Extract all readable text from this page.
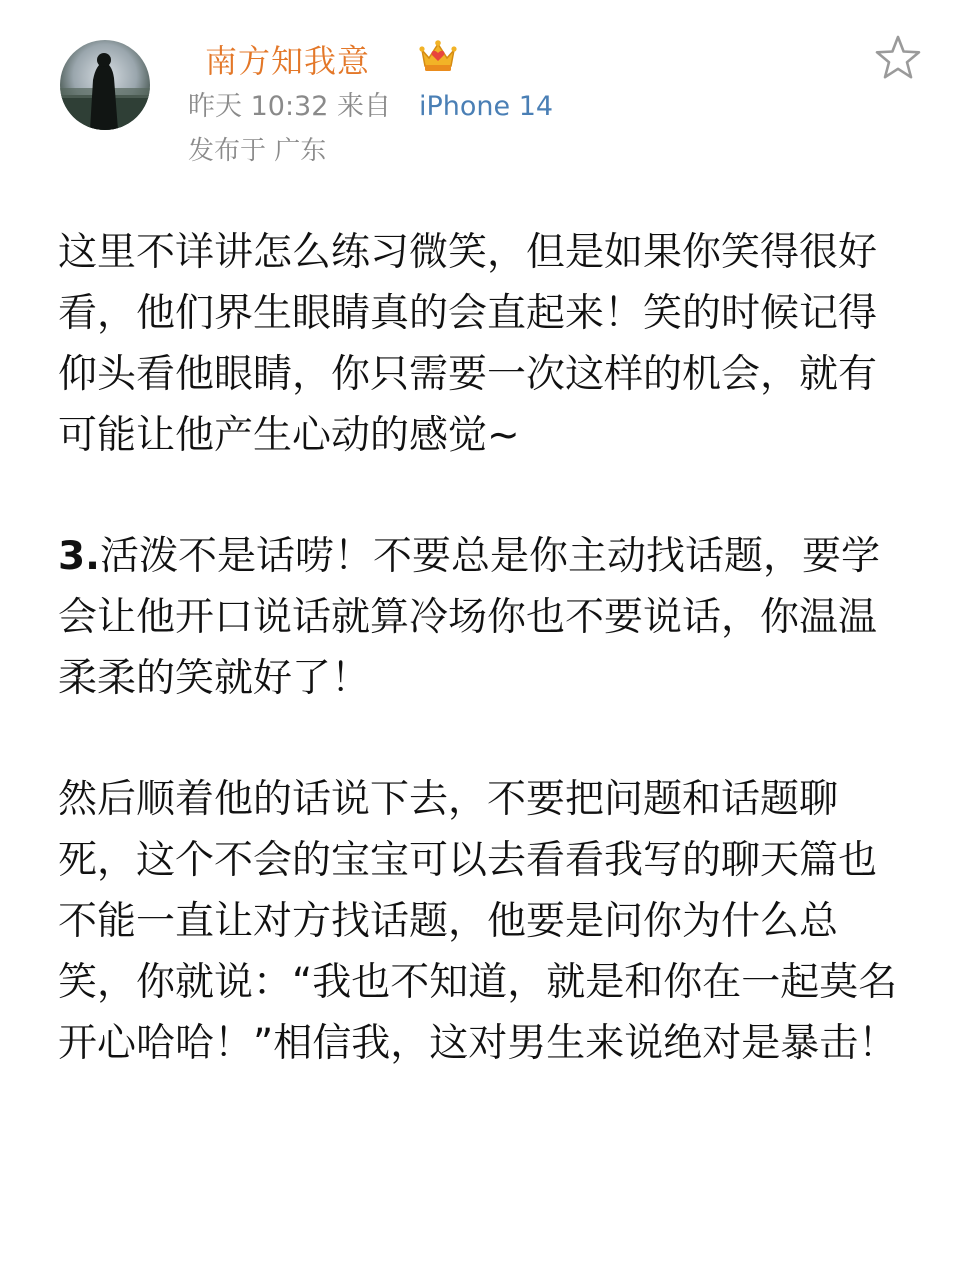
南方知我意
昨天 10:32 来自 iPhone 14
发布于 广东

这里不详讲怎么练习微笑，但是如果你笑得很好看，他们界生眼睛真的会直起来！笑的时候记得仰头看他眼睛，你只需要一次这样的机会，就有可能让他产生心动的感觉~

3.活泼不是话唠！不要总是你主动找话题，要学会让他开口说话就算冷场你也不要说话，你温温柔柔的笑就好了！

然后顺着他的话说下去，不要把问题和话题聊死，这个不会的宝宝可以去看看我写的聊天篇也不能一直让对方找话题，他要是问你为什么总笑，你就说：“我也不知道，就是和你在一起莫名开心哈哈！”相信我，这对男生来说绝对是暴击！
